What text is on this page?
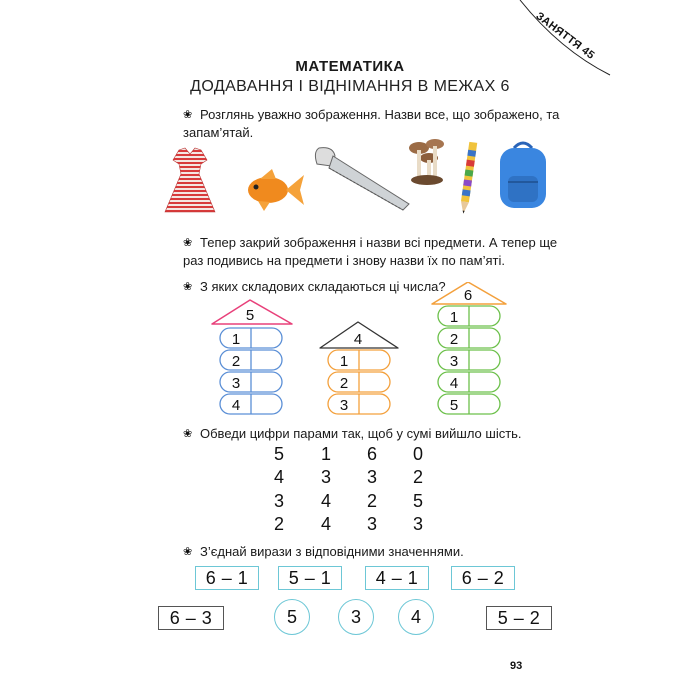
ЗАНЯТТЯ 45
МАТЕМАТИКА
ДОДАВАННЯ І ВІДНІМАННЯ В МЕЖАХ 6
❀ Розглянь уважно зображення. Назви все, що зображено, та
запам’ятай.
❀ Тепер закрий зображення і назви всі предмети. А тепер ще
раз подивись на предмети і знову назви їх по пам’яті.
❀ З яких складових складаються ці числа?
5
1
2
3
4
4
1
2
3
6
1
2
3
4
5
❀ Обведи цифри парами так, щоб у сумі вийшло шість.
5	1	6	0
4	3	3	2
3	4	2	5
2	4	3	3
❀ З’єднай вирази з відповідними значеннями.
6 – 1	5 – 1	4 – 1	6 – 2
6 – 3	5	3	4	5 – 2
93
